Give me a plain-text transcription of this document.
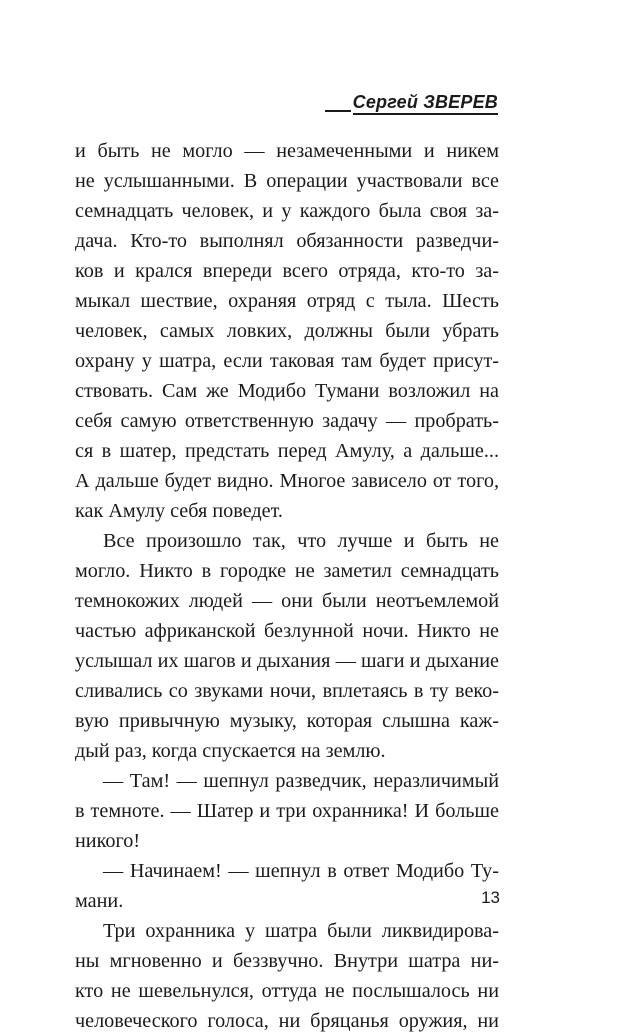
Сергей ЗВЕРЕВ
и быть не могло — незамеченными и никем
не услышанными. В операции участвовали все
семнадцать человек, и у каждого была своя за-
дача. Кто-то выполнял обязанности разведчи-
ков и крался впереди всего отряда, кто-то за-
мыкал шествие, охраняя отряд с тыла. Шесть
человек, самых ловких, должны были убрать
охрану у шатра, если таковая там будет присут-
ствовать. Сам же Модибо Тумани возложил на
себя самую ответственную задачу — пробрать-
ся в шатер, предстать перед Амулу, а дальше...
А дальше будет видно. Многое зависело от того,
как Амулу себя поведет.
Все произошло так, что лучше и быть не
могло. Никто в городке не заметил семнадцать
темнокожих людей — они были неотъемлемой
частью африканской безлунной ночи. Никто не
услышал их шагов и дыхания — шаги и дыхание
сливались со звуками ночи, вплетаясь в ту веко-
вую привычную музыку, которая слышна каж-
дый раз, когда спускается на землю.
— Там! — шепнул разведчик, неразличимый
в темноте. — Шатер и три охранника! И больше
никого!
— Начинаем! — шепнул в ответ Модибо Ту-
мани.
Три охранника у шатра были ликвидирова-
ны мгновенно и беззвучно. Внутри шатра ни-
кто не шевельнулся, оттуда не послышалось ни
человеческого голоса, ни бряцанья оружия, ни
13
